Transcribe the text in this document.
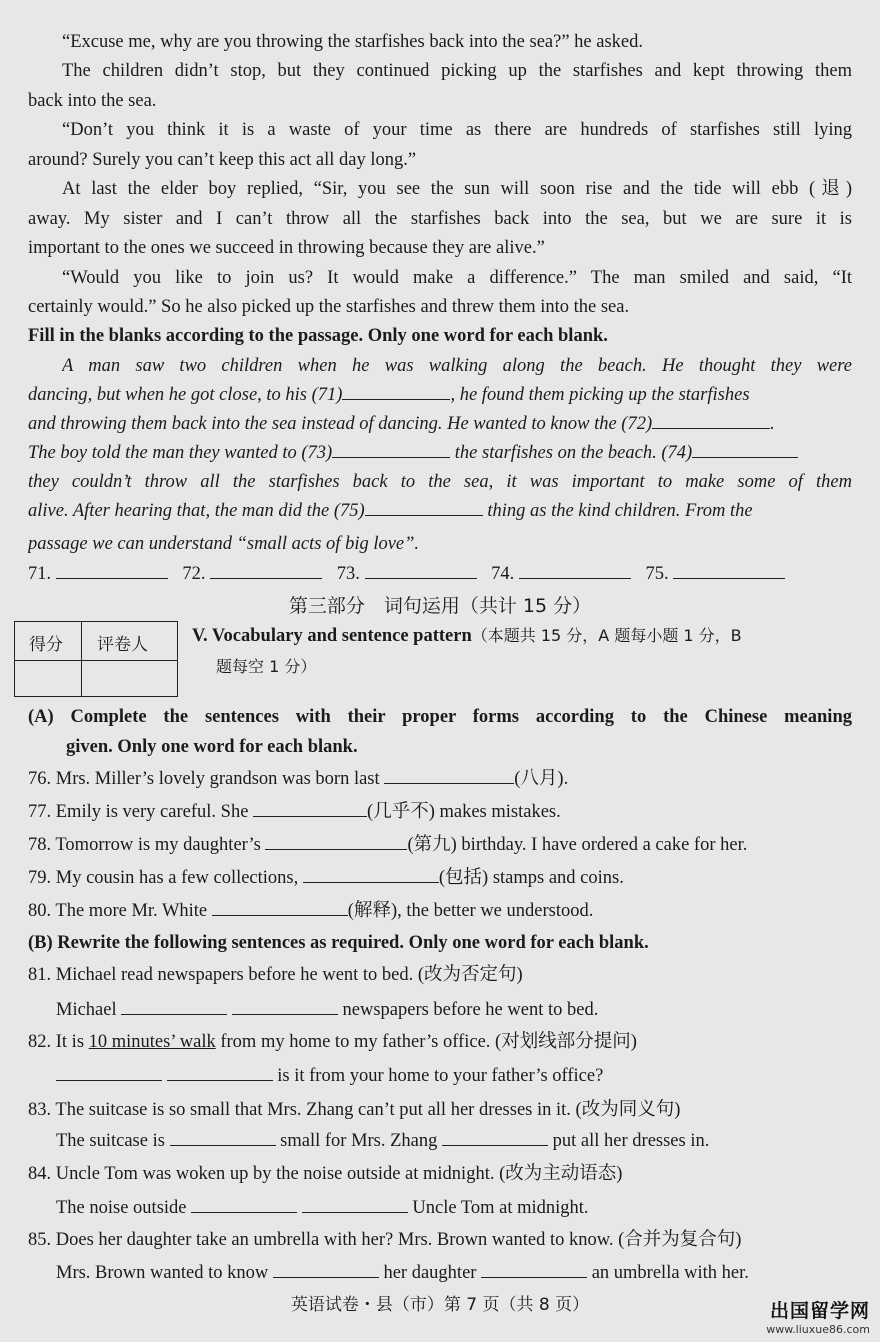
“Excuse me, why are you throwing the starfishes back into the sea?” he asked.
The children didn’t stop, but they continued picking up the starfishes and kept throwing them
back into the sea.
“Don’t you think it is a waste of your time as there are hundreds of starfishes still lying
around? Surely you can’t keep this act all day long.”
At last the elder boy replied, “Sir, you see the sun will soon rise and the tide will ebb (退)
away. My sister and I can’t throw all the starfishes back into the sea, but we are sure it is
important to the ones we succeed in throwing because they are alive.”
“Would you like to join us? It would make a difference.” The man smiled and said, “It
certainly would.” So he also picked up the starfishes and threw them into the sea.
Fill in the blanks according to the passage. Only one word for each blank.
A man saw two children when he was walking along the beach. He thought they were
dancing, but when he got close, to his (71)	, he found them picking up the starfishes
and throwing them back into the sea instead of dancing. He wanted to know the (72)	.
The boy told the man they wanted to (73)	the starfishes on the beach. (74)
they couldn’t throw all the starfishes back to the sea, it was important to make some of them
alive. After hearing that, the man did the (75)	thing as the kind children. From the
passage we can understand “small acts of big love”.
71.	72.	73.	74.	75.
第三部分　词句运用（共计 15 分）
得分 评卷人 V. Vocabulary and sentence pattern（本题共 15 分，A 题每小题 1 分，B
题每空 1 分）
(A) Complete the sentences with their proper forms according to the Chinese meaning
given. Only one word for each blank.
76. Mrs. Miller’s lovely grandson was born last	(八月).
77. Emily is very careful. She	(几乎不) makes mistakes.
78. Tomorrow is my daughter’s	(第九) birthday. I have ordered a cake for her.
79. My cousin has a few collections,	(包括) stamps and coins.
80. The more Mr. White	(解释), the better we understood.
(B) Rewrite the following sentences as required. Only one word for each blank.
81. Michael read newspapers before he went to bed. (改为否定句)
Michael	newspapers before he went to bed.
82. It is 10 minutes’ walk from my home to my father’s office. (对划线部分提问)
is it from your home to your father’s office?
83. The suitcase is so small that Mrs. Zhang can’t put all her dresses in it. (改为同义句)
The suitcase is	small for Mrs. Zhang	put all her dresses in.
84. Uncle Tom was woken up by the noise outside at midnight. (改为主动语态)
The noise outside	Uncle Tom at midnight.
85. Does her daughter take an umbrella with her? Mrs. Brown wanted to know. (合并为复合句)
Mrs. Brown wanted to know	her daughter	an umbrella with her.
英语试卷・县（市）第 7 页（共 8 页）	出国留学网
www.liuxue86.com
